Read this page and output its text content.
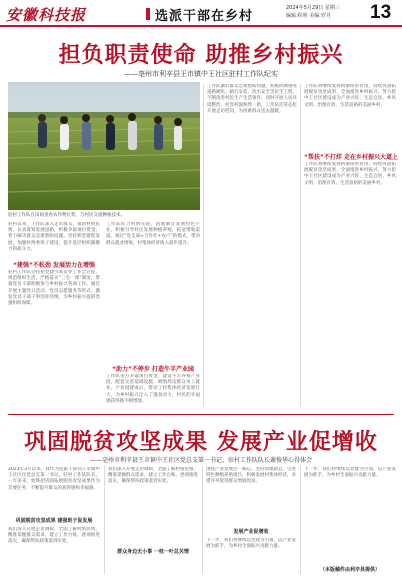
安徽科技报	选派干部在乡村
2024年5月29日 星期三
编辑:程明 美编:罗丹 13
担负职责使命 助推乡村振兴
——亳州市利辛县王市镇中王社区驻村工作队纪实
驻村工作队在田间查看农作物长势，与村民交流种植技术。
驻村以来，工作队深入走访群众，摸清村情民情，认真谋划发展思路，积极争取项目资金，着力解决群众急难愁盼问题。坚持抓党建促发展，加强村两委班子建设，提升基层组织凝聚力和战斗力。
“建强”不松劲 发展活力在增强
驻村工作队坚持把党建引领贯穿工作全过程，规范组织生活，严格落实“三会一课”制度，带领党员干部积极参与乡村振兴各项工作。通过开展主题党日活动、党员志愿服务等形式，激发党员干部干事创业热情，为乡村振兴提供坚强组织保障。
工作队结合村情实际，因地制宜发展特色产业，积极引导村民发展种植养殖，拓宽增收渠道。通过“党支部+合作社+农户”的模式，带动群众就业增收，村集体经济收入稳步提升。
“助力”不停步 打造牛羊产业园
工作队多方争取项目资金，建设牛羊养殖产业园，配套完善基础设施，吸纳周边群众务工就业。产业园建成后，带动了村集体经济发展壮大，为乡村振兴注入了强劲动力，村民的幸福感获得感不断增强。
工作队紧盯群众急难愁盼问题，积极协调推进道路硬化、路灯安装、饮水安全等民生工程，不断改善村民生产生活条件。同时开展人居环境整治，村容村貌焕然一新。工作队还常态化开展走访慰问，为困难群众送去温暖。
“帮扶”不打烊 走在乡村振兴大道上
工作队将继续发挥桥梁纽带作用，持续巩固拓展脱贫攻坚成果，全面推进乡村振兴，努力把中王社区建设成为产业兴旺、生态宜居、乡风文明、治理有效、生活富裕的美丽乡村。
工作队将继续发挥桥梁纽带作用，持续巩固拓展脱贫攻坚成果，全面推进乡村振兴，努力把中王社区建设成为产业兴旺、生态宜居、乡风文明、治理有效、生活富裕的美丽乡村。
巩固脱贫攻坚成果 发展产业促增收
——亳州市利辛县王市镇中王社区党总支第一书记、驻村工作队队长谢俊华心得体会
2023年3月以来，我作为选派干部到王市镇中王社区任党总支第一书记、驻村工作队队长。一年多来，始终把巩固拓展脱贫攻坚成果作为首要任务，不断提升群众的获得感和幸福感。
巩固脱贫攻坚成果 建强班子促发展
我们深入开展走访调研，全面了解村情民情，精准掌握群众需求，建立工作台账，逐项推进落实，确保帮扶政策落到实处。
我们深入开展走访调研，全面了解村情民情，精准掌握群众需求，建立工作台账，逐项推进落实，确保帮扶政策落到实处。
群众身边无小事 一枝一叶总关情
围绕产业发展这一核心，坚持因地制宜，引进特色种植养殖项目，积极发展村集体经济，多措并举促进群众增收致富。
发展产业促增收
下一步，我们将继续以党建为引领，以产业发展为抓手，为乡村全面振兴贡献力量。
下一步，我们将继续以党建为引领，以产业发展为抓手，为乡村全面振兴贡献力量。
（本版稿件由利辛县提供）
